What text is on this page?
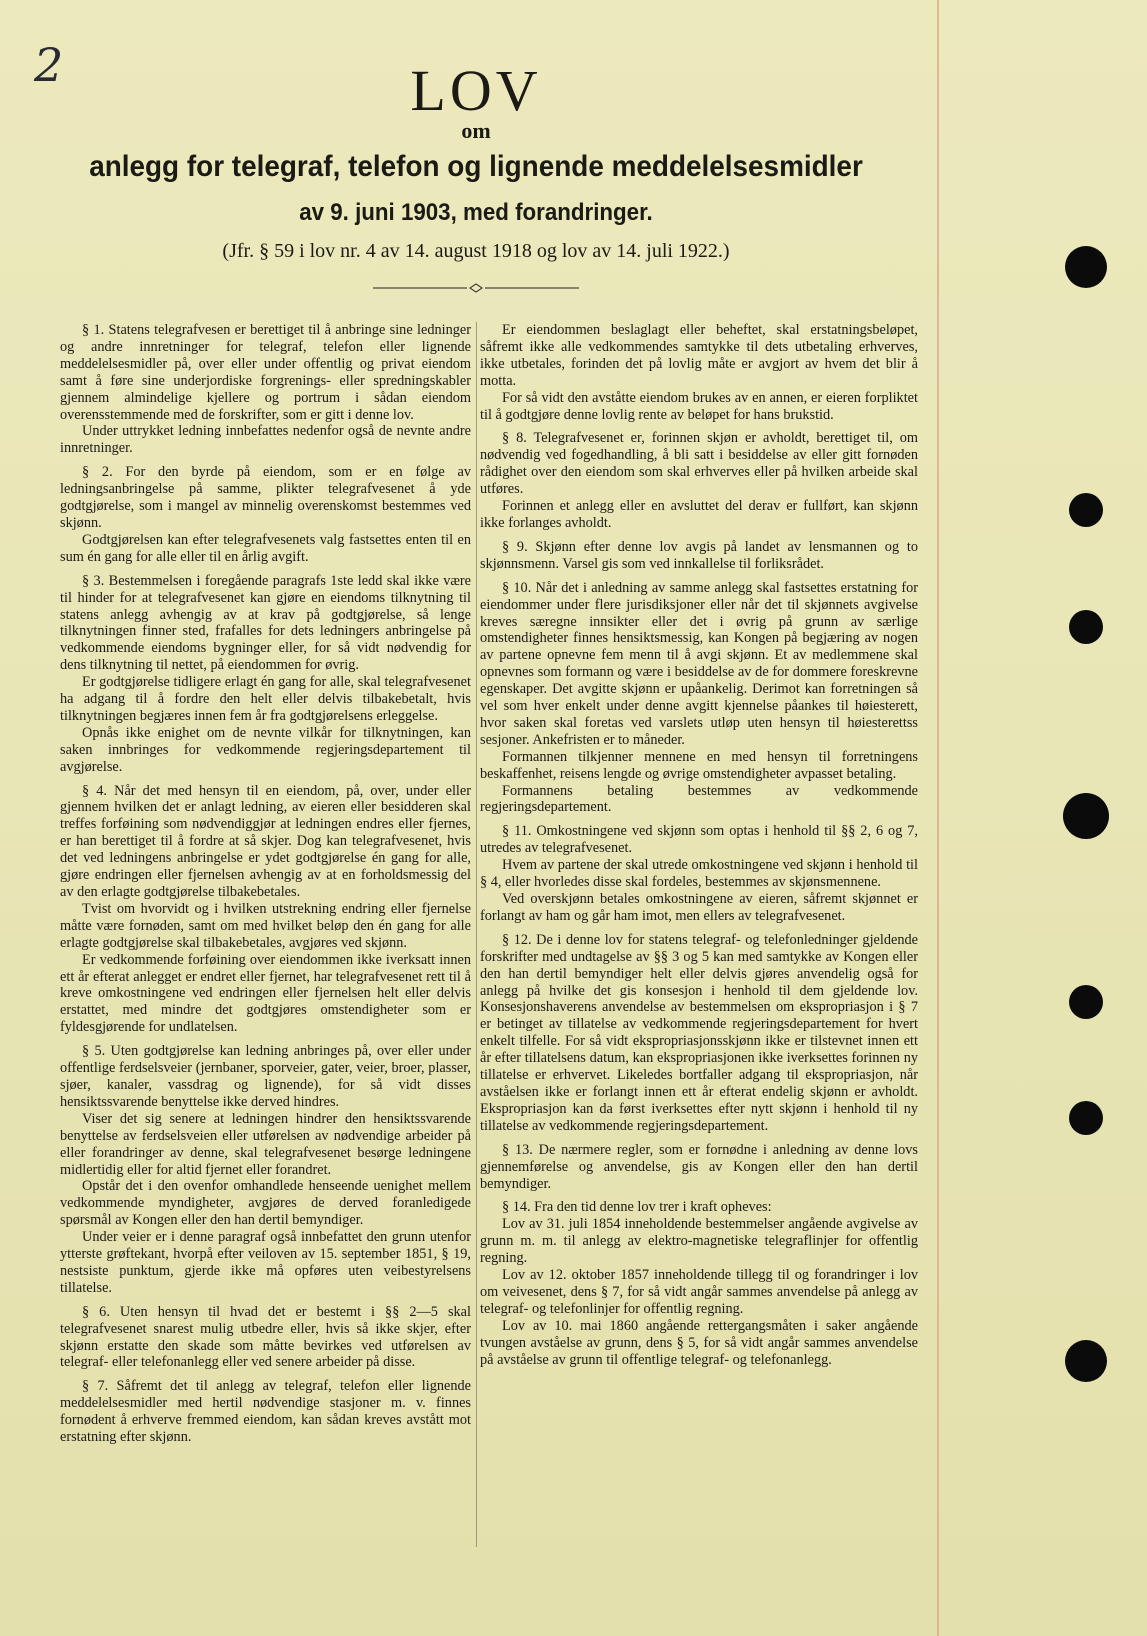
2	LOV
om
anlegg for telegraf, telefon og lignende meddelelsesmidler
av 9. juni 1903, med forandringer.
(Jfr. § 59 i lov nr. 4 av 14. august 1918 og lov av 14. juli 1922.)

§ 1. Statens telegrafvesen er berettiget til å anbringe sine ledninger og andre innretninger for telegraf, telefon eller lignende meddelelsesmidler på, over eller under offentlig og privat eiendom samt å føre sine underjordiske forgrenings- eller spredningskabler gjennem almindelige kjellere og portrum i sådan eiendom overensstemmende med de forskrifter, som er gitt i denne lov.

Under uttrykket ledning innbefattes nedenfor også de nevnte andre innretninger.

§ 2. For den byrde på eiendom, som er en følge av ledningsanbringelse på samme, plikter telegrafvesenet å yde godtgjørelse, som i mangel av minnelig overenskomst bestemmes ved skjønn.

Godtgjørelsen kan efter telegrafvesenets valg fastsettes enten til en sum én gang for alle eller til en årlig avgift.

§ 3. Bestemmelsen i foregående paragrafs 1ste ledd skal ikke være til hinder for at telegrafvesenet kan gjøre en eiendoms tilknytning til statens anlegg avhengig av at krav på godtgjørelse, så lenge tilknytningen finner sted, frafalles for dets ledningers anbringelse på vedkommende eiendoms bygninger eller, for så vidt nødvendig for dens tilknytning til nettet, på eiendommen for øvrig.

Er godtgjørelse tidligere erlagt én gang for alle, skal telegrafvesenet ha adgang til å fordre den helt eller delvis tilbakebetalt, hvis tilknytningen begjæres innen fem år fra godtgjørelsens erleggelse.

Opnås ikke enighet om de nevnte vilkår for tilknytningen, kan saken innbringes for vedkommende regjeringsdepartement til avgjørelse.

§ 4. Når det med hensyn til en eiendom, på, over, under eller gjennem hvilken det er anlagt ledning, av eieren eller besidderen skal treffes forføining som nødvendiggjør at ledningen endres eller fjernes, er han berettiget til å fordre at så skjer. Dog kan telegrafvesenet, hvis det ved ledningens anbringelse er ydet godtgjørelse én gang for alle, gjøre endringen eller fjernelsen avhengig av at en forholdsmessig del av den erlagte godtgjørelse tilbakebetales.

Tvist om hvorvidt og i hvilken utstrekning endring eller fjernelse måtte være fornøden, samt om med hvilket beløp den én gang for alle erlagte godtgjørelse skal tilbakebetales, avgjøres ved skjønn.

Er vedkommende forføining over eiendommen ikke iverksatt innen ett år efterat anlegget er endret eller fjernet, har telegrafvesenet rett til å kreve omkostningene ved endringen eller fjernelsen helt eller delvis erstattet, med mindre det godtgjøres omstendigheter som er fyldesgjørende for undlatelsen.

§ 5. Uten godtgjørelse kan ledning anbringes på, over eller under offentlige ferdselsveier (jernbaner, sporveier, gater, veier, broer, plasser, sjøer, kanaler, vassdrag og lignende), for så vidt disses hensiktssvarende benyttelse ikke derved hindres.

Viser det sig senere at ledningen hindrer den hensiktssvarende benyttelse av ferdselsveien eller utførelsen av nødvendige arbeider på eller forandringer av denne, skal telegrafvesenet besørge ledningene midlertidig eller for altid fjernet eller forandret.

Opstår det i den ovenfor omhandlede henseende uenighet mellem vedkommende myndigheter, avgjøres de derved foranledigede spørsmål av Kongen eller den han dertil bemyndiger.

Under veier er i denne paragraf også innbefattet den grunn utenfor ytterste grøftekant, hvorpå efter veiloven av 15. september 1851, § 19, nestsiste punktum, gjerde ikke må opføres uten veibestyrelsens tillatelse.

§ 6. Uten hensyn til hvad det er bestemt i §§ 2—5 skal telegrafvesenet snarest mulig utbedre eller, hvis så ikke skjer, efter skjønn erstatte den skade som måtte bevirkes ved utførelsen av telegraf- eller telefonanlegg eller ved senere arbeider på disse.

§ 7. Såfremt det til anlegg av telegraf, telefon eller lignende meddelelsesmidler med hertil nødvendige stasjoner m. v. finnes fornødent å erhverve fremmed eiendom, kan sådan kreves avstått mot erstatning efter skjønn.

Er eiendommen beslaglagt eller beheftet, skal erstatningsbeløpet, såfremt ikke alle vedkommendes samtykke til dets utbetaling erhverves, ikke utbetales, forinden det på lovlig måte er avgjort av hvem det blir å motta.

For så vidt den avståtte eiendom brukes av en annen, er eieren forpliktet til å godtgjøre denne lovlig rente av beløpet for hans brukstid.

§ 8. Telegrafvesenet er, forinnen skjøn er avholdt, berettiget til, om nødvendig ved fogedhandling, å bli satt i besiddelse av eller gitt fornøden rådighet over den eiendom som skal erhverves eller på hvilken arbeide skal utføres.

Forinnen et anlegg eller en avsluttet del derav er fullført, kan skjønn ikke forlanges avholdt.

§ 9. Skjønn efter denne lov avgis på landet av lensmannen og to skjønnsmenn. Varsel gis som ved innkallelse til forliksrådet.

§ 10. Når det i anledning av samme anlegg skal fastsettes erstatning for eiendommer under flere jurisdiksjoner eller når det til skjønnets avgivelse kreves særegne innsikter eller det i øvrig på grunn av særlige omstendigheter finnes hensiktsmessig, kan Kongen på begjæring av nogen av partene opnevne fem menn til å avgi skjønn. Et av medlemmene skal opnevnes som formann og være i besiddelse av de for dommere foreskrevne egenskaper. Det avgitte skjønn er upåankelig. Derimot kan forretningen så vel som hver enkelt under denne avgitt kjennelse påankes til høiesterett, hvor saken skal foretas ved varslets utløp uten hensyn til høiesterettss sesjoner. Ankefristen er to måneder.

Formannen tilkjenner mennene en med hensyn til forretningens beskaffenhet, reisens lengde og øvrige omstendigheter avpasset betaling.

Formannens betaling bestemmes av vedkommende regjeringsdepartement.

§ 11. Omkostningene ved skjønn som optas i henhold til §§ 2, 6 og 7, utredes av telegrafvesenet.

Hvem av partene der skal utrede omkostningene ved skjønn i henhold til § 4, eller hvorledes disse skal fordeles, bestemmes av skjønsmennene.

Ved overskjønn betales omkostningene av eieren, såfremt skjønnet er forlangt av ham og går ham imot, men ellers av telegrafvesenet.

§ 12. De i denne lov for statens telegraf- og telefonledninger gjeldende forskrifter med undtagelse av §§ 3 og 5 kan med samtykke av Kongen eller den han dertil bemyndiger helt eller delvis gjøres anvendelig også for anlegg på hvilke det gis konsesjon i henhold til dem gjeldende lov. Konsesjonshaverens anvendelse av bestemmelsen om ekspropriasjon i § 7 er betinget av tillatelse av vedkommende regjeringsdepartement for hvert enkelt tilfelle. For så vidt ekspropriasjonsskjønn ikke er tilstevnet innen ett år efter tillatelsens datum, kan ekspropriasjonen ikke iverksettes forinnen ny tillatelse er erhvervet. Likeledes bortfaller adgang til ekspropriasjon, når avståelsen ikke er forlangt innen ett år efterat endelig skjønn er avholdt. Ekspropriasjon kan da først iverksettes efter nytt skjønn i henhold til ny tillatelse av vedkommende regjeringsdepartement.

§ 13. De nærmere regler, som er fornødne i anledning av denne lovs gjennemførelse og anvendelse, gis av Kongen eller den han dertil bemyndiger.

§ 14. Fra den tid denne lov trer i kraft opheves:

Lov av 31. juli 1854 inneholdende bestemmelser angående avgivelse av grunn m. m. til anlegg av elektro-magnetiske telegraflinjer for offentlig regning.

Lov av 12. oktober 1857 inneholdende tillegg til og forandringer i lov om veivesenet, dens § 7, for så vidt angår sammes anvendelse på anlegg av telegraf- og telefonlinjer for offentlig regning.

Lov av 10. mai 1860 angående rettergangsmåten i saker angående tvungen avståelse av grunn, dens § 5, for så vidt angår sammes anvendelse på avståelse av grunn til offentlige telegraf- og telefonanlegg.
